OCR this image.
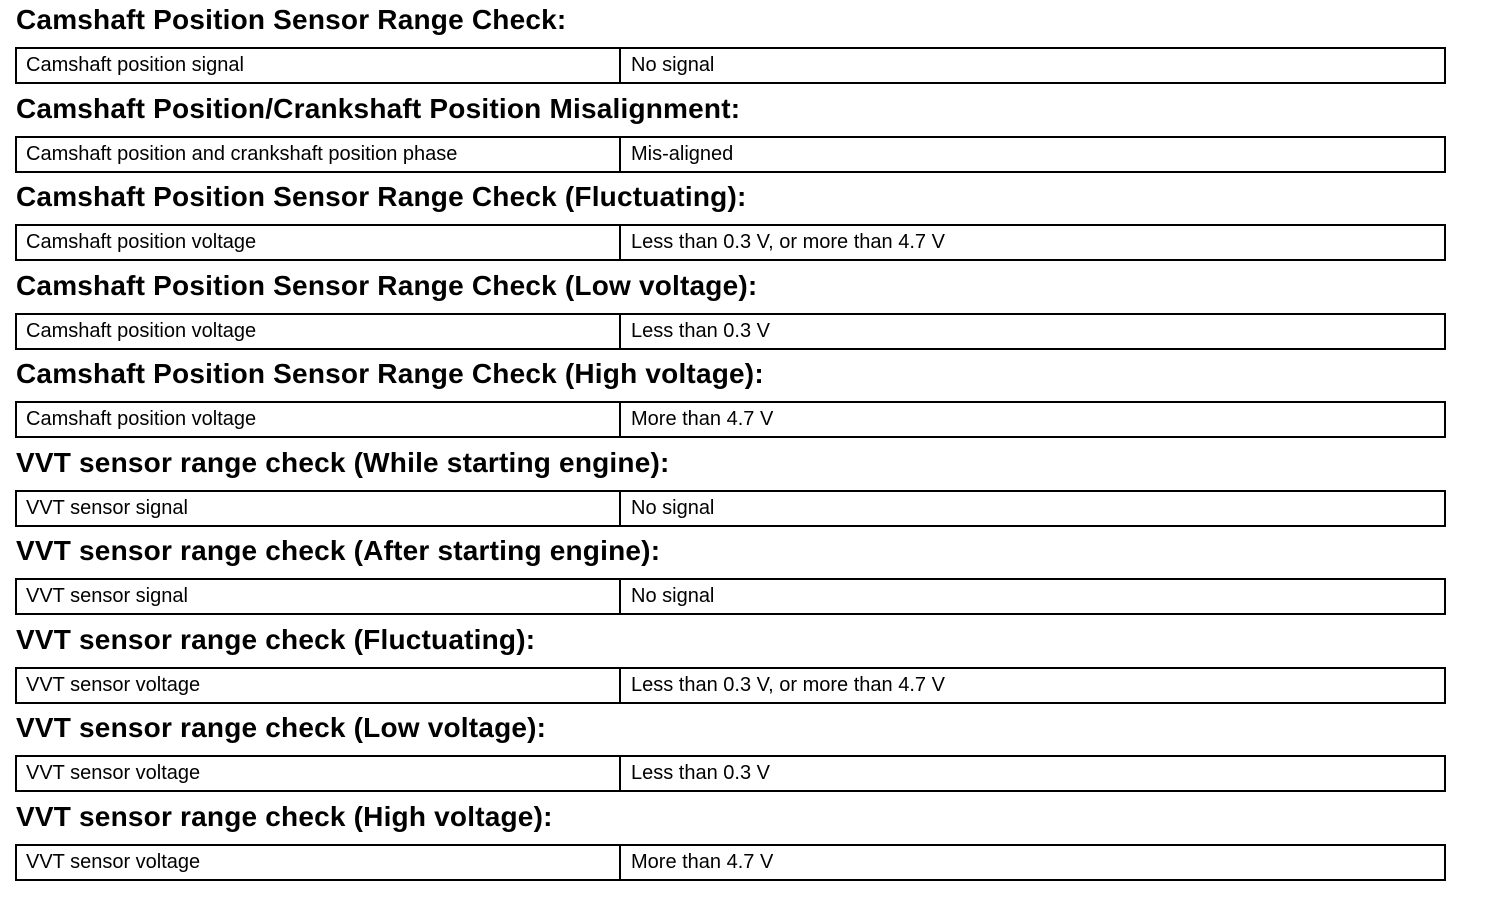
Camshaft Position Sensor Range Check:
Camshaft position signal	No signal
Camshaft Position/Crankshaft Position Misalignment:
Camshaft position and crankshaft position phase	Mis-aligned
Camshaft Position Sensor Range Check (Fluctuating):
Camshaft position voltage	Less than 0.3 V, or more than 4.7 V
Camshaft Position Sensor Range Check (Low voltage):
Camshaft position voltage	Less than 0.3 V
Camshaft Position Sensor Range Check (High voltage):
Camshaft position voltage	More than 4.7 V
VVT sensor range check (While starting engine):
VVT sensor signal	No signal
VVT sensor range check (After starting engine):
VVT sensor signal	No signal
VVT sensor range check (Fluctuating):
VVT sensor voltage	Less than 0.3 V, or more than 4.7 V
VVT sensor range check (Low voltage):
VVT sensor voltage	Less than 0.3 V
VVT sensor range check (High voltage):
VVT sensor voltage	More than 4.7 V
